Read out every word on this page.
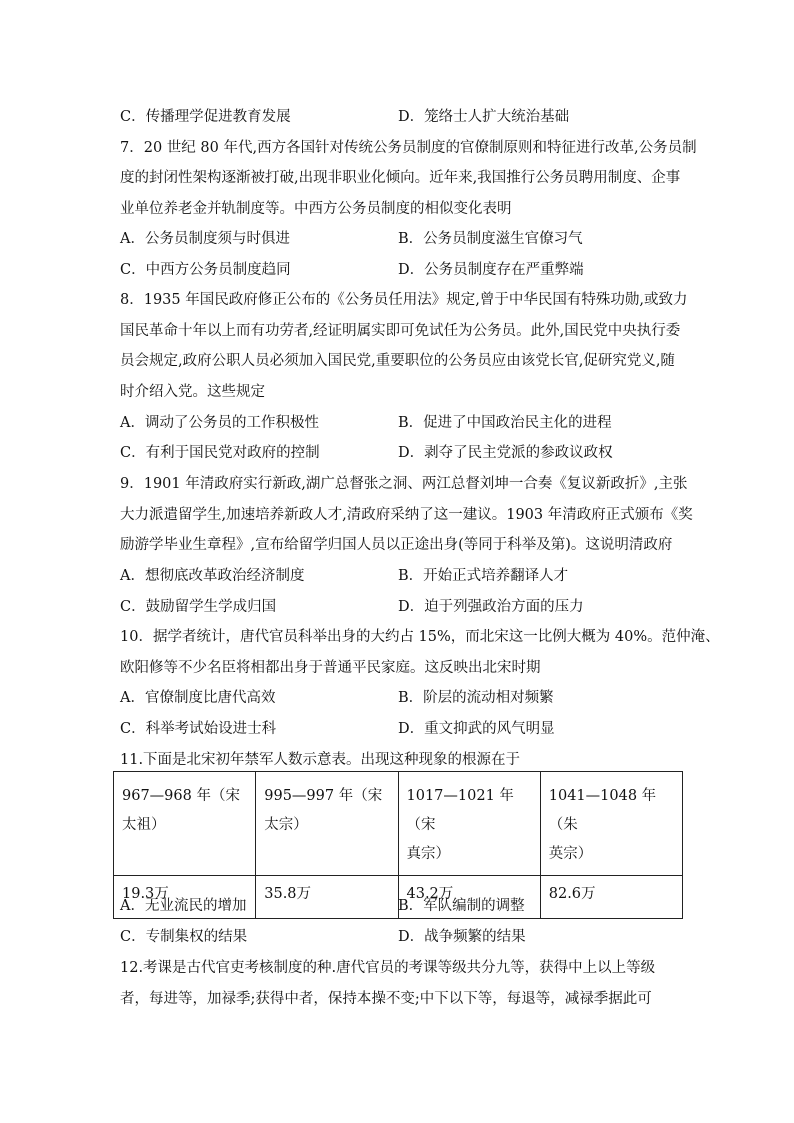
C．传播理学促进教育发展	D．笼络士人扩大统治基础
7．20 世纪 80 年代,西方各国针对传统公务员制度的官僚制原则和特征进行改革,公务员制
度的封闭性架构逐渐被打破,出现非职业化倾向。近年来,我国推行公务员聘用制度、企事
业单位养老金并轨制度等。中西方公务员制度的相似变化表明
A．公务员制度须与时俱进	B．公务员制度滋生官僚习气
C．中西方公务员制度趋同	D．公务员制度存在严重弊端
8．1935 年国民政府修正公布的《公务员任用法》规定,曾于中华民国有特殊功勋,或致力
国民革命十年以上而有功劳者,经证明属实即可免试任为公务员。此外,国民党中央执行委
员会规定,政府公职人员必须加入国民党,重要职位的公务员应由该党长官,促研究党义,随
时介绍入党。这些规定
A．调动了公务员的工作积极性	B．促进了中国政治民主化的进程
C．有利于国民党对政府的控制	D．剥夺了民主党派的参政议政权
9．1901 年清政府实行新政,湖广总督张之洞、两江总督刘坤一合奏《复议新政折》,主张
大力派遣留学生,加速培养新政人才,清政府采纳了这一建议。1903 年清政府正式颁布《奖
励游学毕业生章程》,宣布给留学归国人员以正途出身(等同于科举及第)。这说明清政府
A．想彻底改革政治经济制度	B．开始正式培养翻译人才
C．鼓励留学生学成归国	D．迫于列强政治方面的压力
10．据学者统计，唐代官员科举出身的大约占 15%，而北宋这一比例大概为 40%。范仲淹、
欧阳修等不少名臣将相都出身于普通平民家庭。这反映出北宋时期
A．官僚制度比唐代高效	B．阶层的流动相对频繁
C．科举考试始设进士科	D．重文抑武的风气明显
11.下面是北宋初年禁军人数示意表。出现这种现象的根源在于
967—968 年（宋
太祖）	995—997 年（宋
太宗）	1017—1021 年（宋
真宗）	1041—1048 年（朱
英宗）
19.3万	35.8万	43.2万	82.6万
A．无业流民的增加	B．军队编制的调整
C．专制集权的结果	D．战争频繁的结果
12.考课是古代官吏考核制度的种.唐代官员的考课等级共分九等，获得中上以上等级
者，每进等，加禄季;获得中者，保持本操不变;中下以下等，每退等，减禄季据此可
